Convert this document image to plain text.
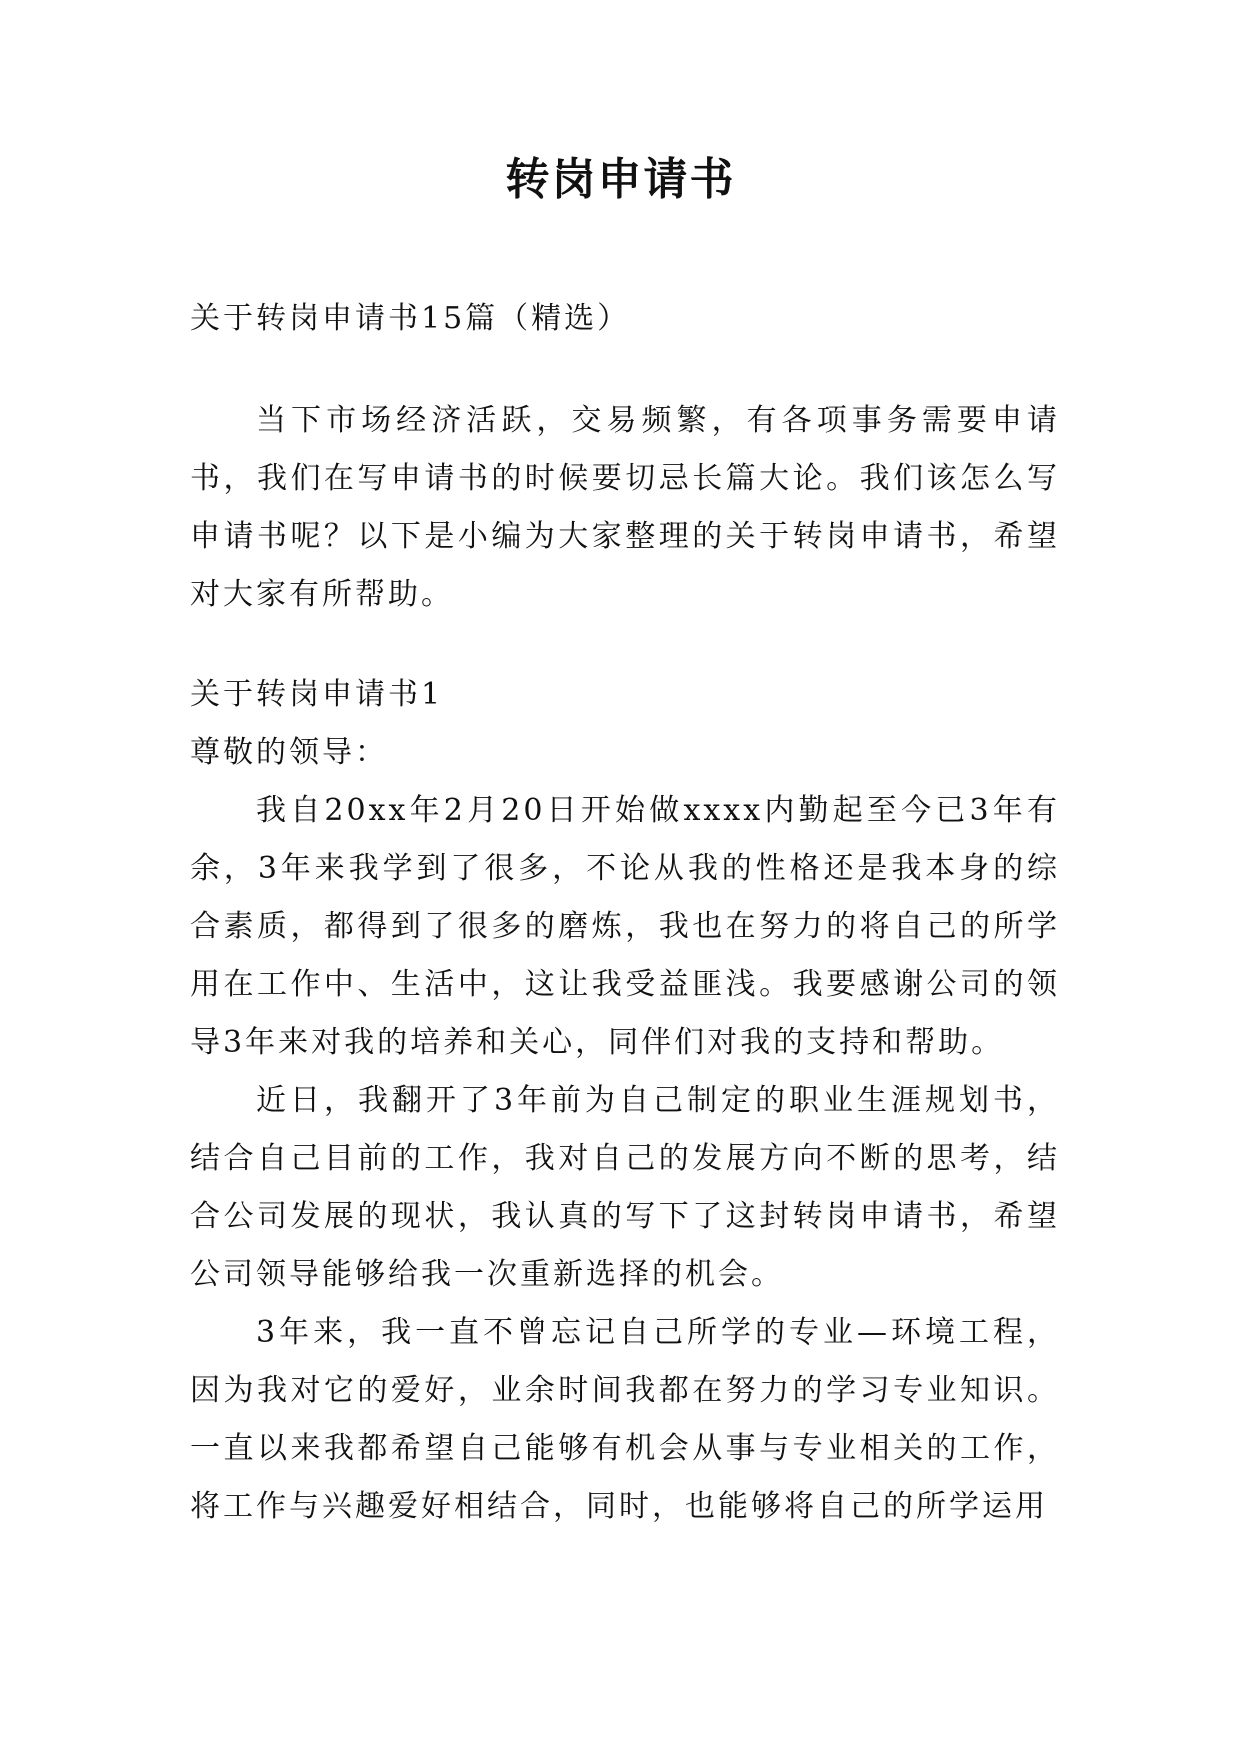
转岗申请书

关于转岗申请书15篇（精选）

当下市场经济活跃，交易频繁，有各项事务需要申请书，我们在写申请书的时候要切忌长篇大论。我们该怎么写申请书呢？以下是小编为大家整理的关于转岗申请书，希望对大家有所帮助。

关于转岗申请书1

尊敬的领导：

我自20xx年2月20日开始做xxxx内勤起至今已3年有余，3年来我学到了很多，不论从我的性格还是我本身的综合素质，都得到了很多的磨炼，我也在努力的将自己的所学用在工作中、生活中，这让我受益匪浅。我要感谢公司的领导3年来对我的培养和关心，同伴们对我的支持和帮助。

近日，我翻开了3年前为自己制定的职业生涯规划书，结合自己目前的工作，我对自己的发展方向不断的思考，结合公司发展的现状，我认真的写下了这封转岗申请书，希望公司领导能够给我一次重新选择的机会。

3年来，我一直不曾忘记自己所学的专业—环境工程，因为我对它的爱好，业余时间我都在努力的学习专业知识。一直以来我都希望自己能够有机会从事与专业相关的工作，将工作与兴趣爱好相结合，同时，也能够将自己的所学运用
